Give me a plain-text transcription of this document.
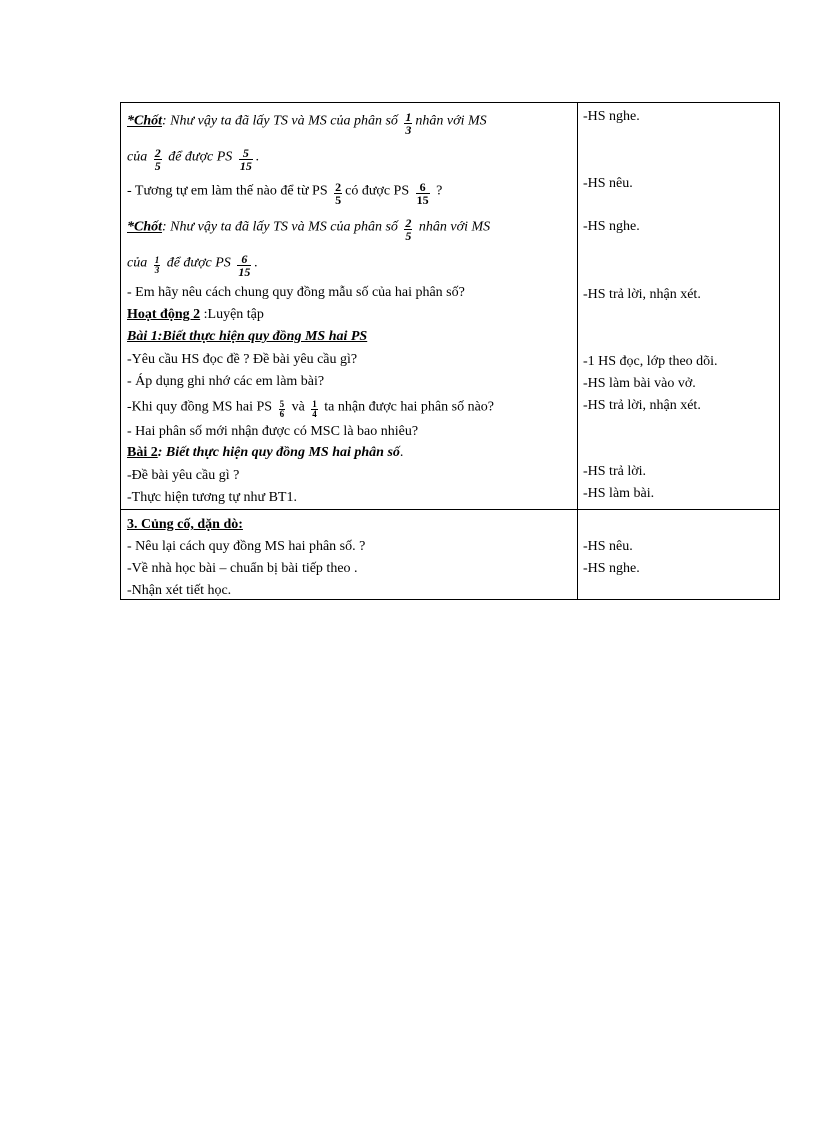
*Chốt: Như vậy ta đã lấy TS và MS của phân số $\frac{1}{3}$ nhân với MS
của $\frac{2}{5}$ để được PS $\frac{5}{15}$ .
- Tương tự em làm thế nào để từ PS $\frac{2}{5}$ có được PS $\frac{6}{15}$ ?
*Chốt: Như vậy ta đã lấy TS và MS của phân số $\frac{2}{5}$ nhân với MS
của $\frac{1}{3}$ để được PS $\frac{6}{15}$ .
- Em hãy nêu cách chung quy đồng mẫu số của hai phân số?
Hoạt động 2 :Luyện tập
Bài 1:Biết thực hiện quy đồng MS hai PS
-Yêu cầu HS đọc đề ? Đề bài yêu cầu gì?
- Áp dụng ghi nhớ các em làm bài?
-Khi quy đồng MS hai PS $\frac{5}{6}$ và $\frac{1}{4}$ ta nhận được hai phân số nào?
- Hai phân số mới nhận được có MSC là bao nhiêu?
Bài 2: Biết thực hiện quy đồng MS hai phân số.
-Đề bài yêu cầu gì ?
-Thực hiện tương tự như BT1.
3. Củng cố, dặn dò:
- Nêu lại cách quy đồng MS hai phân số. ?
-Về nhà học bài – chuẩn bị bài tiếp theo .
-Nhận xét tiết học.
-HS nghe.
-HS nêu.
-HS nghe.
-HS trả lời, nhận xét.
-1 HS đọc, lớp theo dõi.
-HS làm bài vào vở.
-HS trả lời, nhận xét.
-HS trả lời.
-HS làm bài.
-HS nêu.
-HS nghe.
